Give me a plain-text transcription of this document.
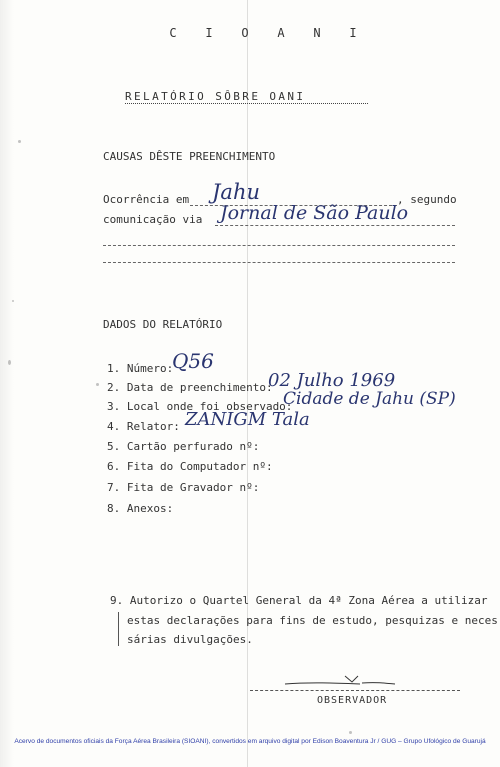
C I O A N I
RELATÓRIO SÔBRE OANI
CAUSAS DÊSTE PREENCHIMENTO
Ocorrência em Jahu	, segundo
comunicação via Jornal de São Paulo
DADOS DO RELATÓRIO
1. Número:
Q56
2. Data de preenchimento:
02 Julho 1969
3. Local onde foi observado:
Cidade de Jahu (SP)
4. Relator: ZANIGM Tala
5. Cartão perfurado nº:
6. Fita do Computador nº:
7. Fita de Gravador nº:
8. Anexos:
9. Autorizo o Quartel General da 4ª Zona Aérea a utilizar
estas declarações para fins de estudo, pesquizas e neces
sárias divulgações.
OBSERVADOR
Acervo de documentos oficiais da Força Aérea Brasileira (SIOANI), convertidos em arquivo digital por Edison Boaventura Jr / GUG – Grupo Ufológico de Guarujá
